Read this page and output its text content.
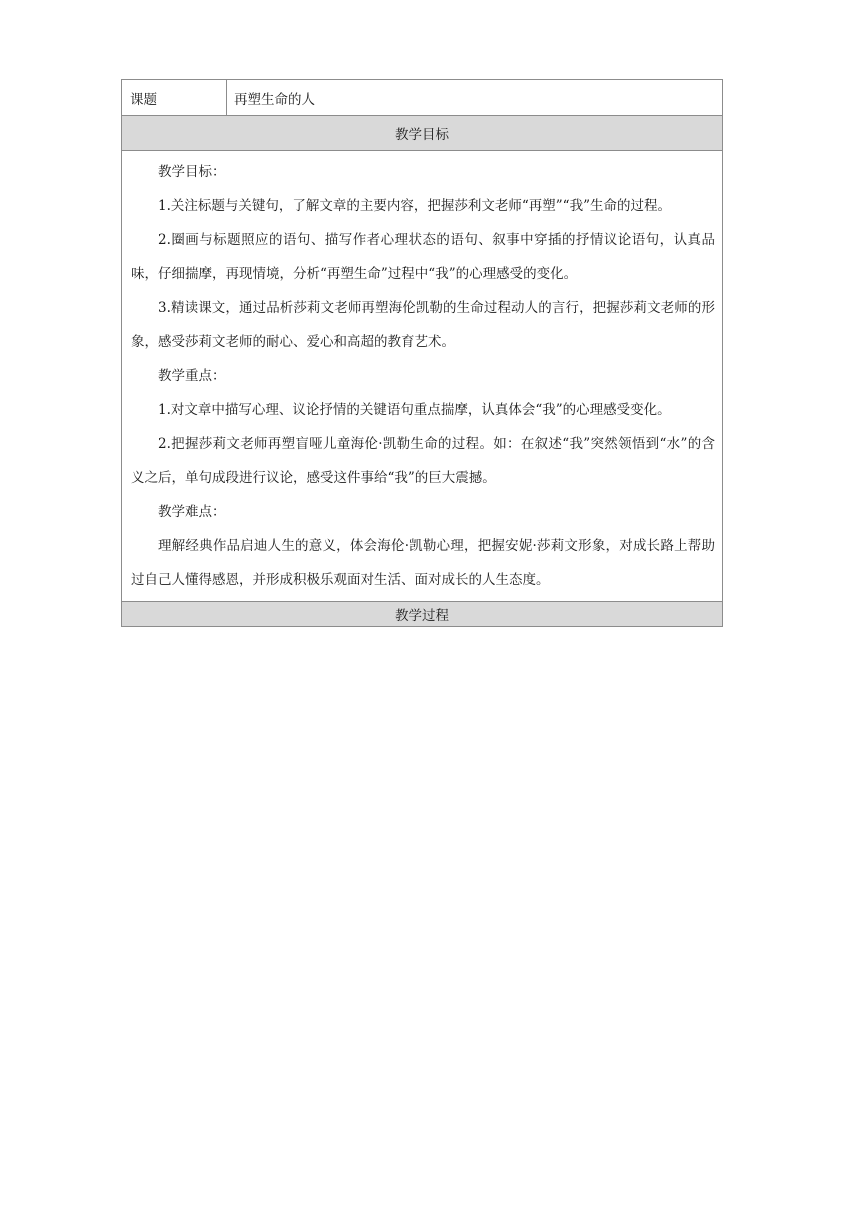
课题	再塑生命的人
教学目标

教学目标：

1.关注标题与关键句，了解文章的主要内容，把握莎利文老师“再塑”“我”生命的过程。

2.圈画与标题照应的语句、描写作者心理状态的语句、叙事中穿插的抒情议论语句，认真品味，仔细揣摩，再现情境，分析“再塑生命”过程中“我”的心理感受的变化。

3.精读课文，通过品析莎莉文老师再塑海伦凯勒的生命过程动人的言行，把握莎莉文老师的形象，感受莎莉文老师的耐心、爱心和高超的教育艺术。

教学重点：

1.对文章中描写心理、议论抒情的关键语句重点揣摩，认真体会“我”的心理感受变化。

2.把握莎莉文老师再塑盲哑儿童海伦·凯勒生命的过程。如：在叙述“我”突然领悟到“水”的含义之后，单句成段进行议论，感受这件事给“我”的巨大震撼。

教学难点：

理解经典作品启迪人生的意义，体会海伦·凯勒心理，把握安妮·莎莉文形象，对成长路上帮助过自己人懂得感恩，并形成积极乐观面对生活、面对成长的人生态度。

教学过程
